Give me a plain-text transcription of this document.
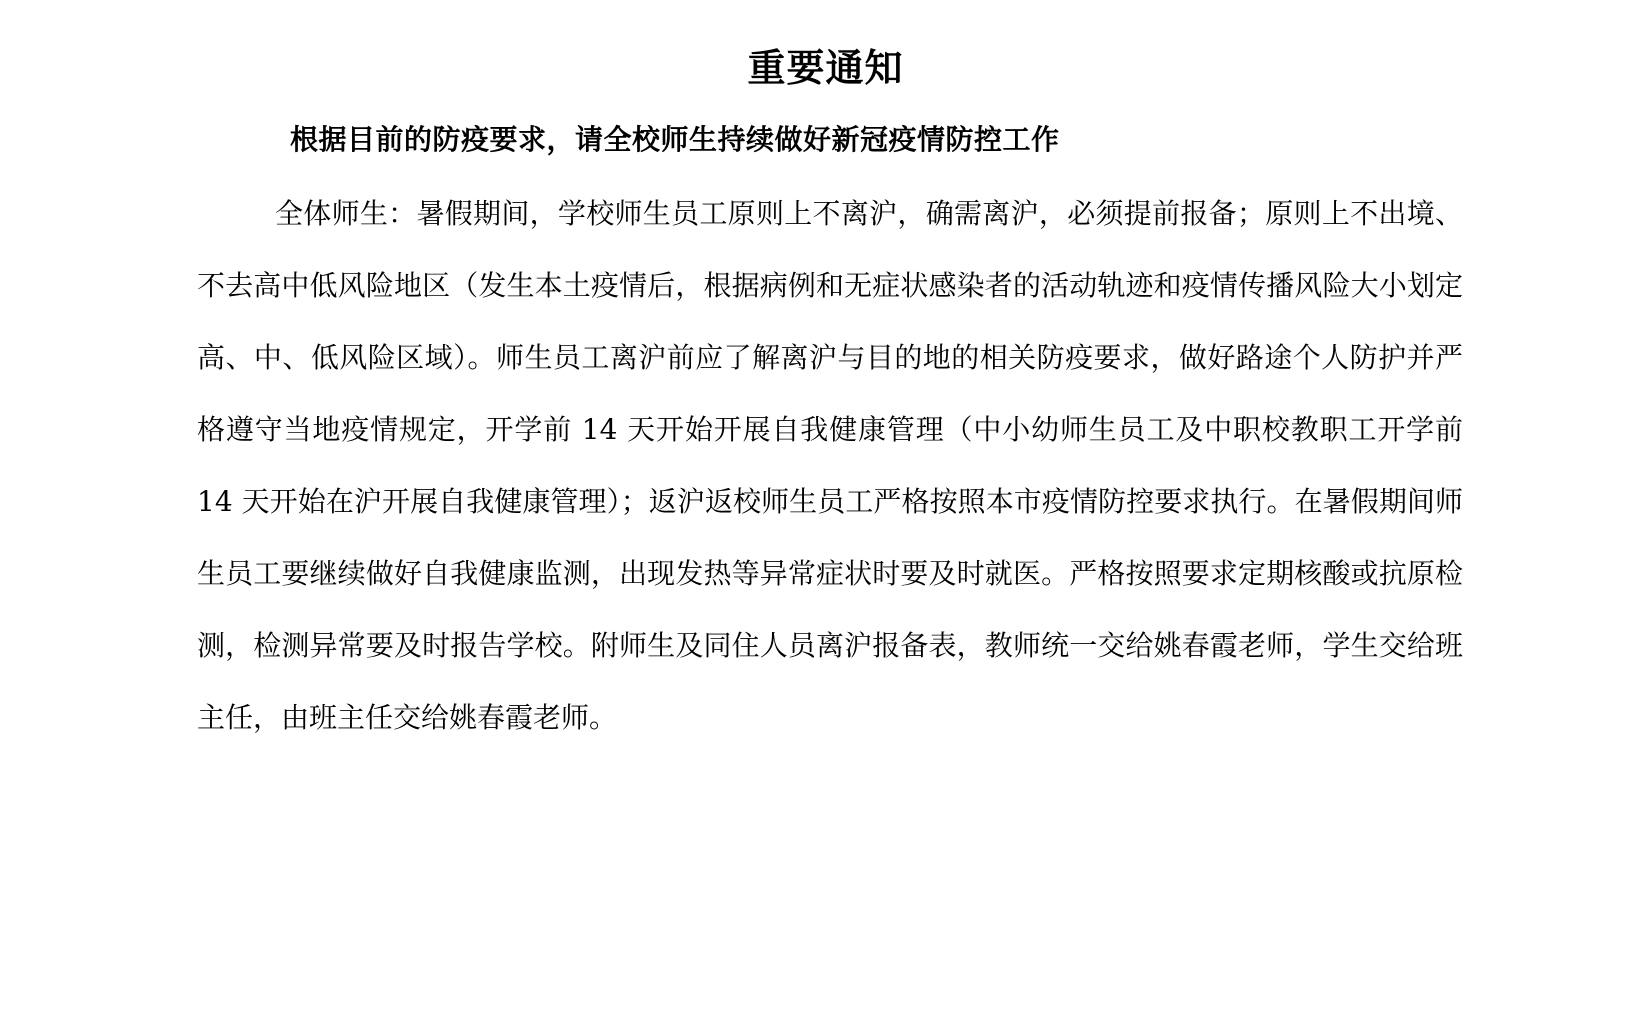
重要通知
根据目前的防疫要求，请全校师生持续做好新冠疫情防控工作

全体师生：暑假期间，学校师生员工原则上不离沪，确需离沪，必须提前报备；原则上不出境、不去高中低风险地区（发生本土疫情后，根据病例和无症状感染者的活动轨迹和疫情传播风险大小划定高、中、低风险区域）。师生员工离沪前应了解离沪与目的地的相关防疫要求，做好路途个人防护并严格遵守当地疫情规定，开学前 14 天开始开展自我健康管理（中小幼师生员工及中职校教职工开学前 14 天开始在沪开展自我健康管理）；返沪返校师生员工严格按照本市疫情防控要求执行。在暑假期间师生员工要继续做好自我健康监测，出现发热等异常症状时要及时就医。严格按照要求定期核酸或抗原检测，检测异常要及时报告学校。附师生及同住人员离沪报备表，教师统一交给姚春霞老师，学生交给班主任，由班主任交给姚春霞老师。
